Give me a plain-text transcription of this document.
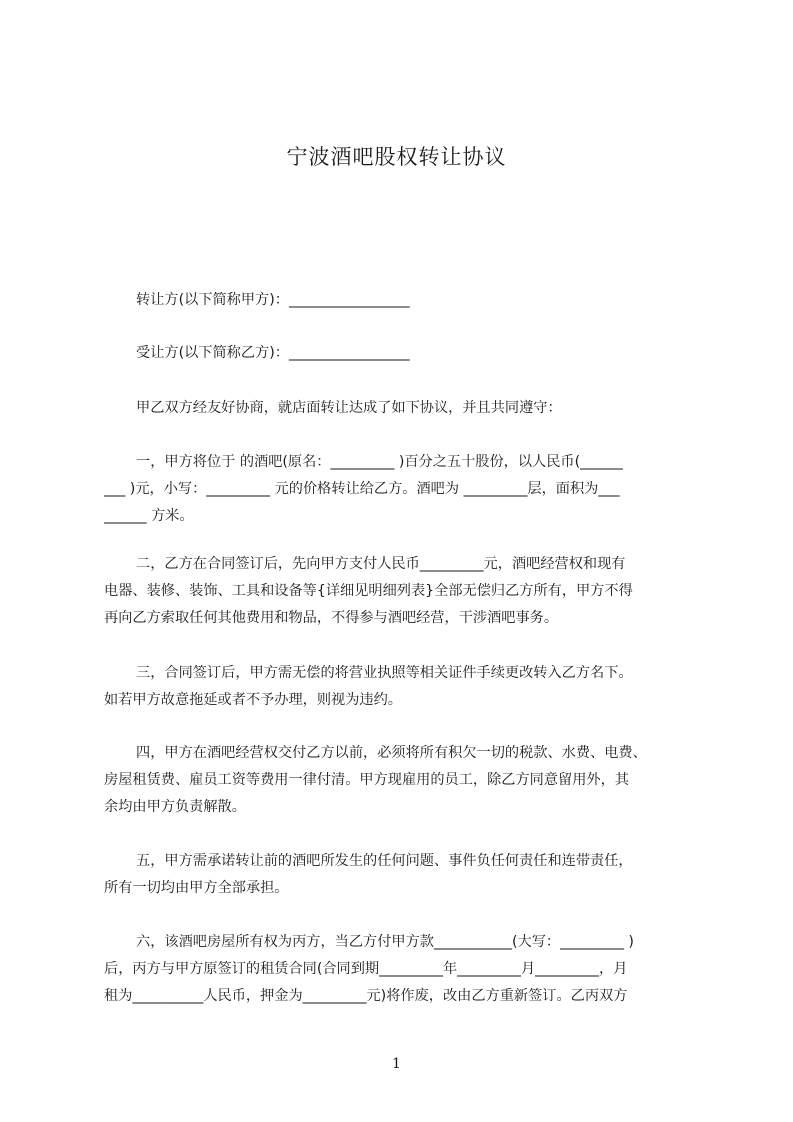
宁波酒吧股权转让协议
转让方(以下简称甲方)：_________________
受让方(以下简称乙方)：_________________
甲乙双方经友好协商，就店面转让达成了如下协议，并且共同遵守：
一，甲方将位于 的酒吧(原名：_________ )百分之五十股份，以人民币(______
___ )元，小写：_________ 元的价格转让给乙方。酒吧为 _________层，面积为___
______ 方米。
二，乙方在合同签订后，先向甲方支付人民币_________元，酒吧经营权和现有
电器、装修、装饰、工具和设备等{详细见明细列表}全部无偿归乙方所有，甲方不得
再向乙方索取任何其他费用和物品，不得参与酒吧经营，干涉酒吧事务。
三，合同签订后，甲方需无偿的将营业执照等相关证件手续更改转入乙方名下。
如若甲方故意拖延或者不予办理，则视为违约。
四，甲方在酒吧经营权交付乙方以前，必须将所有积欠一切的税款、水费、电费、
房屋租赁费、雇员工资等费用一律付清。甲方现雇用的员工，除乙方同意留用外，其
余均由甲方负责解散。
五，甲方需承诺转让前的酒吧所发生的任何问题、事件负任何责任和连带责任，
所有一切均由甲方全部承担。
六，该酒吧房屋所有权为丙方，当乙方付甲方款___________(大写：_________ )
后，丙方与甲方原签订的租赁合同(合同到期_________年_________月_________，月
租为__________人民币，押金为_________元)将作废，改由乙方重新签订。乙丙双方
1
